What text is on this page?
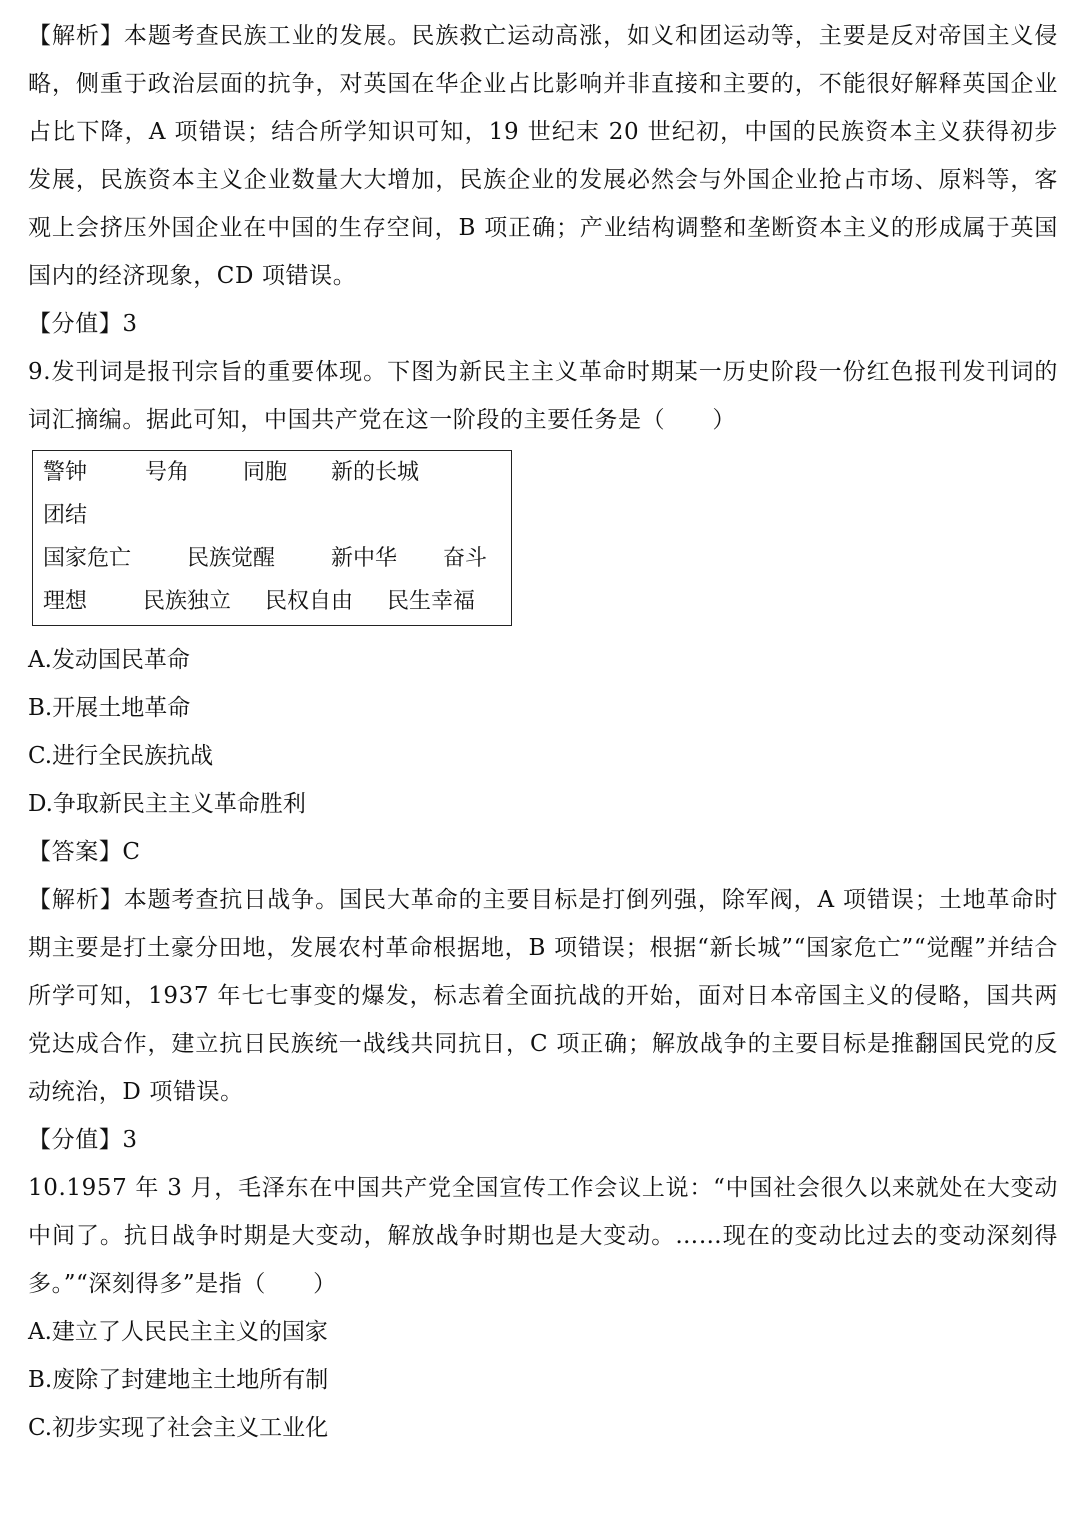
【解析】本题考查民族工业的发展。民族救亡运动高涨，如义和团运动等，主要是反对帝国主义侵略，侧重于政治层面的抗争，对英国在华企业占比影响并非直接和主要的，不能很好解释英国企业占比下降，A 项错误；结合所学知识可知，19 世纪末 20 世纪初，中国的民族资本主义获得初步发展，民族资本主义企业数量大大增加，民族企业的发展必然会与外国企业抢占市场、原料等，客观上会挤压外国企业在中国的生存空间，B 项正确；产业结构调整和垄断资本主义的形成属于英国国内的经济现象，CD 项错误。

【分值】3

9.发刊词是报刊宗旨的重要体现。下图为新民主主义革命时期某一历史阶段一份红色报刊发刊词的词汇摘编。据此可知，中国共产党在这一阶段的主要任务是（　　）

警钟	号角 同胞 新的长城
团结
国家危亡	民族觉醒	新中华 奋斗
理想	民族独立 民权自由 民生幸福

A.发动国民革命

B.开展土地革命

C.进行全民族抗战

D.争取新民主主义革命胜利

【答案】C

【解析】本题考查抗日战争。国民大革命的主要目标是打倒列强，除军阀，A 项错误；土地革命时期主要是打土豪分田地，发展农村革命根据地，B 项错误；根据“新长城”“国家危亡”“觉醒”并结合所学可知，1937 年七七事变的爆发，标志着全面抗战的开始，面对日本帝国主义的侵略，国共两党达成合作，建立抗日民族统一战线共同抗日，C 项正确；解放战争的主要目标是推翻国民党的反动统治，D 项错误。

【分值】3

10.1957 年 3 月，毛泽东在中国共产党全国宣传工作会议上说：“中国社会很久以来就处在大变动中间了。抗日战争时期是大变动，解放战争时期也是大变动。……现在的变动比过去的变动深刻得多。”“深刻得多”是指（　　）

A.建立了人民民主主义的国家

B.废除了封建地主土地所有制

C.初步实现了社会主义工业化
